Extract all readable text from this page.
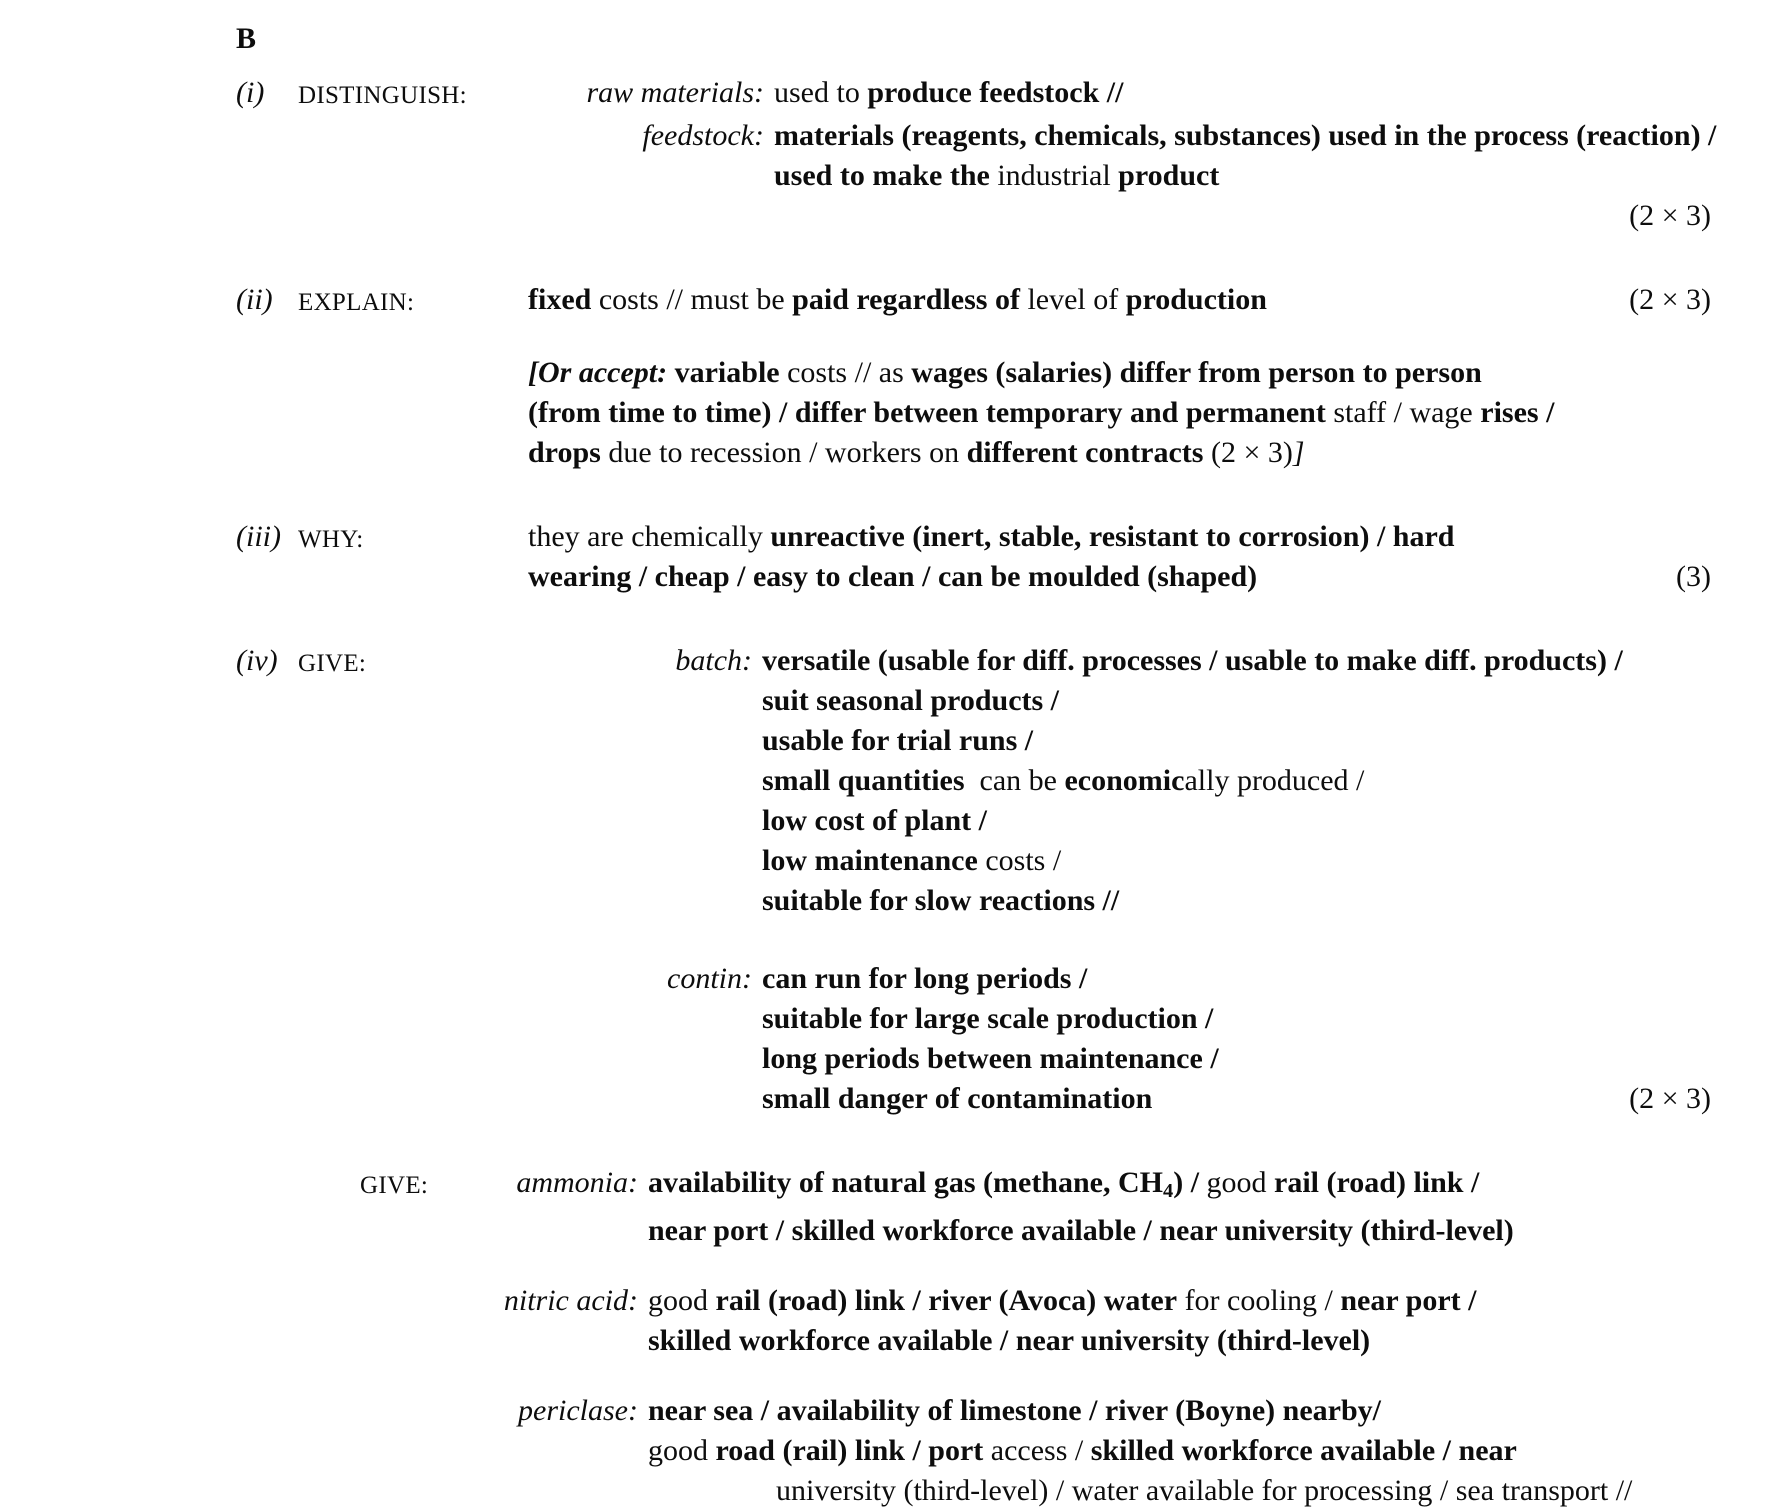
B
(i)	DISTINGUISH:	raw materials: used to produce feedstock //

feedstock: materials (reagents, chemicals, substances) used in the process (reaction) / used to make the industrial product
(2 × 3)
(ii)	EXPLAIN:	fixed costs // must be paid regardless of level of production	(2 × 3)

[Or accept: variable costs // as wages (salaries) differ from person to person (from time to time) / differ between temporary and permanent staff / wage rises / drops due to recession / workers on different contracts (2 × 3)]

(iii) WHY:	they are chemically unreactive (inert, stable, resistant to corrosion) / hard wearing / cheap / easy to clean / can be moulded (shaped)	(3)
(iv) GIVE:	batch: versatile (usable for diff. processes / usable to make diff. products) /
suit seasonal products /
usable for trial runs /
small quantities  can be economically produced /
low cost of plant /
low maintenance costs /
suitable for slow reactions //

contin: can run for long periods /
suitable for large scale production /
long periods between maintenance /
small danger of contamination	(2 × 3)
GIVE:	ammonia: availability of natural gas (methane, $CH_4$) / good rail (road) link /
near port / skilled workforce available / near university (third-level)

nitric acid: good rail (road) link / river (Avoca) water for cooling / near port /
skilled workforce available / near university (third-level)

periclase: near sea / availability of limestone / river (Boyne) nearby/
good road (rail) link / port access / skilled workforce available / near
university (third-level) / water available for processing / sea transport //
